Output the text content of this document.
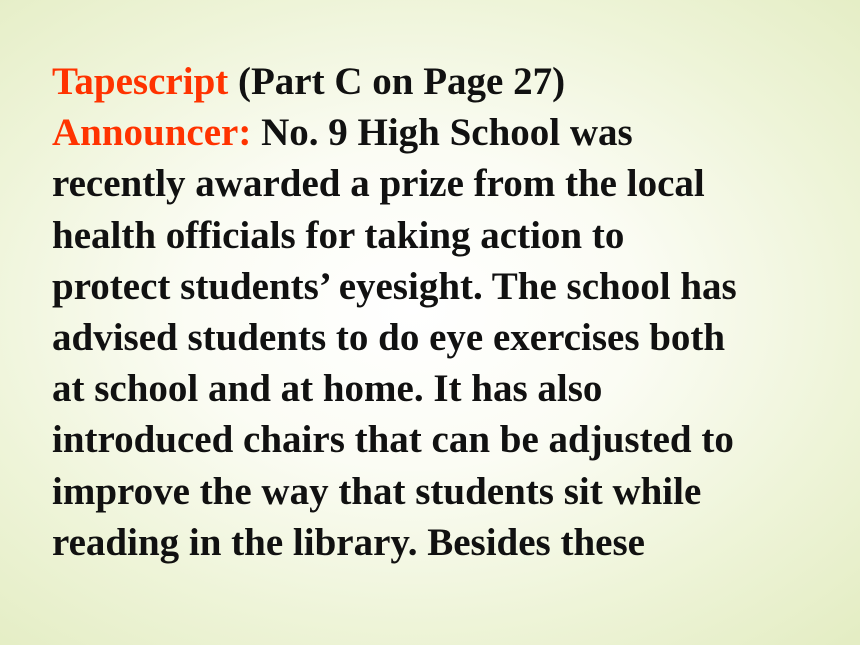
Tapescript (Part C on Page 27)
Announcer: No. 9 High School was
recently awarded a prize from the local
health officials for taking action to
protect students’ eyesight. The school has
advised students to do eye exercises both
at school and at home. It has also
introduced chairs that can be adjusted to
improve the way that students sit while
reading in the library. Besides these
